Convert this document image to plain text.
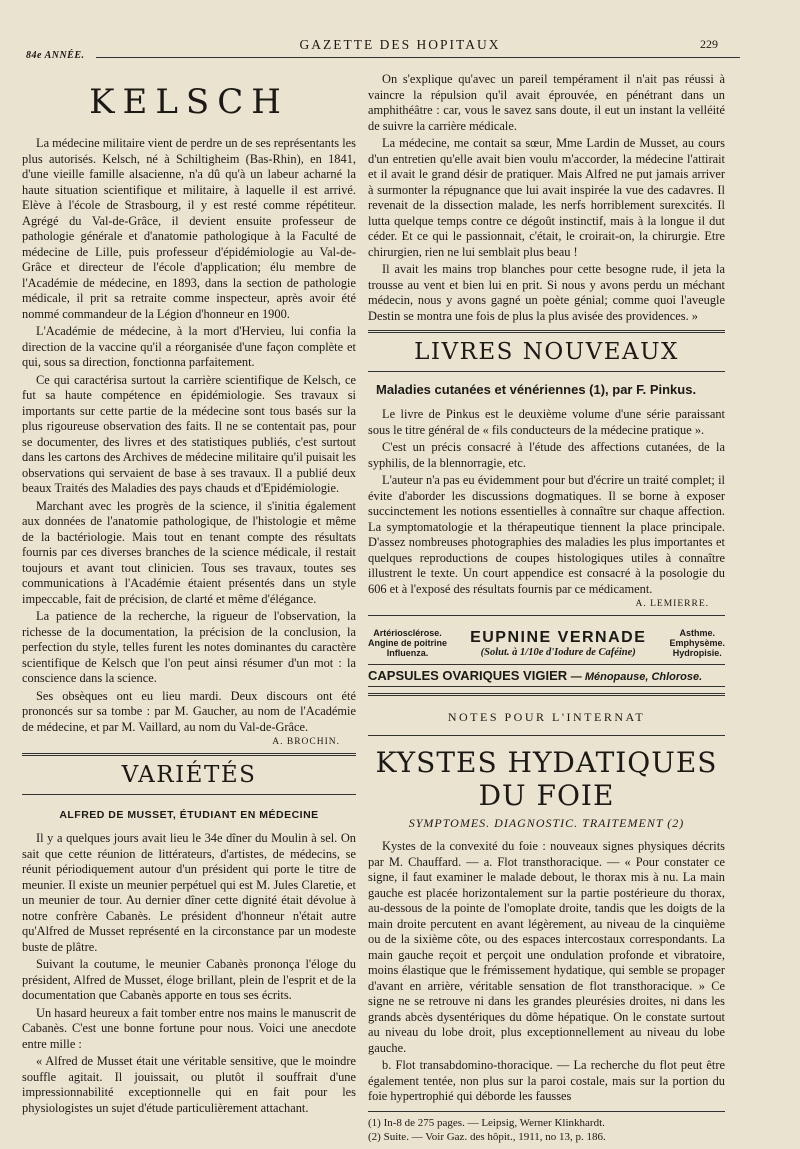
84e ANNÉE.
GAZETTE DES HOPITAUX	229
KELSCH

La médecine militaire vient de perdre un de ses représentants les plus autorisés. Kelsch, né à Schiltigheim (Bas-Rhin), en 1841, d'une vieille famille alsacienne, n'a dû qu'à un labeur acharné la haute situation scientifique et militaire, à laquelle il est arrivé. Elève à l'école de Strasbourg, il y est resté comme répétiteur. Agrégé du Val-de-Grâce, il devient ensuite professeur de pathologie générale et d'anatomie pathologique à la Faculté de médecine de Lille, puis professeur d'épidémiologie au Val-de-Grâce et directeur de l'école d'application; élu membre de l'Académie de médecine, en 1893, dans la section de pathologie médicale, il prit sa retraite comme inspecteur, après avoir été nommé commandeur de la Légion d'honneur en 1900.

L'Académie de médecine, à la mort d'Hervieu, lui confia la direction de la vaccine qu'il a réorganisée d'une façon complète et qui, sous sa direction, fonctionna parfaitement.

Ce qui caractérisa surtout la carrière scientifique de Kelsch, ce fut sa haute compétence en épidémiologie. Ses travaux si importants sur cette partie de la médecine sont tous basés sur la plus rigoureuse observation des faits. Il ne se contentait pas, pour se documenter, des livres et des statistiques publiés, c'est surtout dans les cartons des Archives de médecine militaire qu'il puisait les observations qui servaient de base à ses travaux. Il a publié deux beaux Traités des Maladies des pays chauds et d'Epidémiologie.

Marchant avec les progrès de la science, il s'initia également aux données de l'anatomie pathologique, de l'histologie et même de la bactériologie. Mais tout en tenant compte des résultats fournis par ces diverses branches de la science médicale, il restait toujours et avant tout clinicien. Tous ses travaux, toutes ses communications à l'Académie étaient présentés dans un style impeccable, fait de précision, de clarté et même d'élégance.

La patience de la recherche, la rigueur de l'observation, la richesse de la documentation, la précision de la conclusion, la perfection du style, telles furent les notes dominantes du caractère scientifique de Kelsch que l'on peut ainsi résumer d'un mot : la conscience dans la science.

Ses obsèques ont eu lieu mardi. Deux discours ont été prononcés sur sa tombe : par M. Gaucher, au nom de l'Académie de médecine, et par M. Vaillard, au nom du Val-de-Grâce.

A. BROCHIN.
VARIÉTÉS
ALFRED DE MUSSET, ÉTUDIANT EN MÉDECINE

Il y a quelques jours avait lieu le 34e dîner du Moulin à sel. On sait que cette réunion de littérateurs, d'artistes, de médecins, se réunit périodiquement autour d'un président qui porte le titre de meunier. Il existe un meunier perpétuel qui est M. Jules Claretie, et un meunier de tour. Au dernier dîner cette dignité était dévolue à notre confrère Cabanès. Le président d'honneur n'était autre qu'Alfred de Musset représenté en la circonstance par un modeste buste de plâtre.

Suivant la coutume, le meunier Cabanès prononça l'éloge du président, Alfred de Musset, éloge brillant, plein de l'esprit et de la documentation que Cabanès apporte en tous ses écrits.

Un hasard heureux a fait tomber entre nos mains le manuscrit de Cabanès. C'est une bonne fortune pour nous. Voici une anecdote entre mille :

« Alfred de Musset était une véritable sensitive, que le moindre souffle agitait. Il jouissait, ou plutôt il souffrait d'une impressionnabilité exceptionnelle qui en fait pour les physiologistes un sujet d'étude particulièrement attachant.

On s'explique qu'avec un pareil tempérament il n'ait pas réussi à vaincre la répulsion qu'il avait éprouvée, en pénétrant dans un amphithéâtre : car, vous le savez sans doute, il eut un instant la velléité de suivre la carrière médicale.

La médecine, me contait sa sœur, Mme Lardin de Musset, au cours d'un entretien qu'elle avait bien voulu m'accorder, la médecine l'attirait et il avait le grand désir de pratiquer. Mais Alfred ne put jamais arriver à surmonter la répugnance que lui avait inspirée la vue des cadavres. Il revenait de la dissection malade, les nerfs horriblement surexcités. Il lutta quelque temps contre ce dégoût instinctif, mais à la longue il dut céder. Et ce qui le passionnait, c'était, le croirait-on, la chirurgie. Etre chirurgien, rien ne lui semblait plus beau !

Il avait les mains trop blanches pour cette besogne rude, il jeta la trousse au vent et bien lui en prit. Si nous y avons perdu un méchant médecin, nous y avons gagné un poète génial; comme quoi l'aveugle Destin se montra une fois de plus la plus avisée des providences. »

LIVRES NOUVEAUX
Maladies cutanées et vénériennes (1), par F. Pinkus.

Le livre de Pinkus est le deuxième volume d'une série paraissant sous le titre général de « fils conducteurs de la médecine pratique ».

C'est un précis consacré à l'étude des affections cutanées, de la syphilis, de la blennorragie, etc.

L'auteur n'a pas eu évidemment pour but d'écrire un traité complet; il évite d'aborder les discussions dogmatiques. Il se borne à exposer succinctement les notions essentielles à connaître sur chaque affection. La symptomatologie et la thérapeutique tiennent la place principale. D'assez nombreuses photographies des maladies les plus importantes et quelques reproductions de coupes histologiques utiles à connaître illustrent le texte. Un court appendice est consacré à la posologie du 606 et à l'exposé des résultats fournis par ce médicament.

A. LEMIERRE.
Artériosclérose.
Angine de poitrine
Influenza.
EUPNINE VERNADE
(Solut. à 1/10e d'Iodure de Caféine)
Asthme.
Emphysème.
Hydropisie.
CAPSULES OVARIQUES VIGIER — Ménopause, Chlorose.
NOTES POUR L'INTERNAT
KYSTES HYDATIQUES DU FOIE
SYMPTOMES. DIAGNOSTIC. TRAITEMENT (2)

Kystes de la convexité du foie : nouveaux signes physiques décrits par M. Chauffard. — a. Flot transthoracique. — « Pour constater ce signe, il faut examiner le malade debout, le thorax mis à nu. La main gauche est placée horizontalement sur la partie postérieure du thorax, au-dessous de la pointe de l'omoplate droite, tandis que les doigts de la main droite percutent en avant légèrement, au niveau de la cinquième ou de la sixième côte, ou des espaces intercostaux correspondants. La main gauche reçoit et perçoit une ondulation profonde et vibratoire, moins élastique que le frémissement hydatique, qui semble se propager d'avant en arrière, véritable sensation de flot transthoracique. » Ce signe ne se retrouve ni dans les grandes pleurésies droites, ni dans les grands abcès dysentériques du dôme hépatique. On le constate surtout au niveau du lobe droit, plus exceptionnellement au niveau du lobe gauche.

b. Flot transabdomino-thoracique. — La recherche du flot peut être également tentée, non plus sur la paroi costale, mais sur la portion du foie hypertrophié qui déborde les fausses

(1) In-8 de 275 pages. — Leipsig, Werner Klinkhardt.
(2) Suite. — Voir Gaz. des hôpit., 1911, no 13, p. 186.
